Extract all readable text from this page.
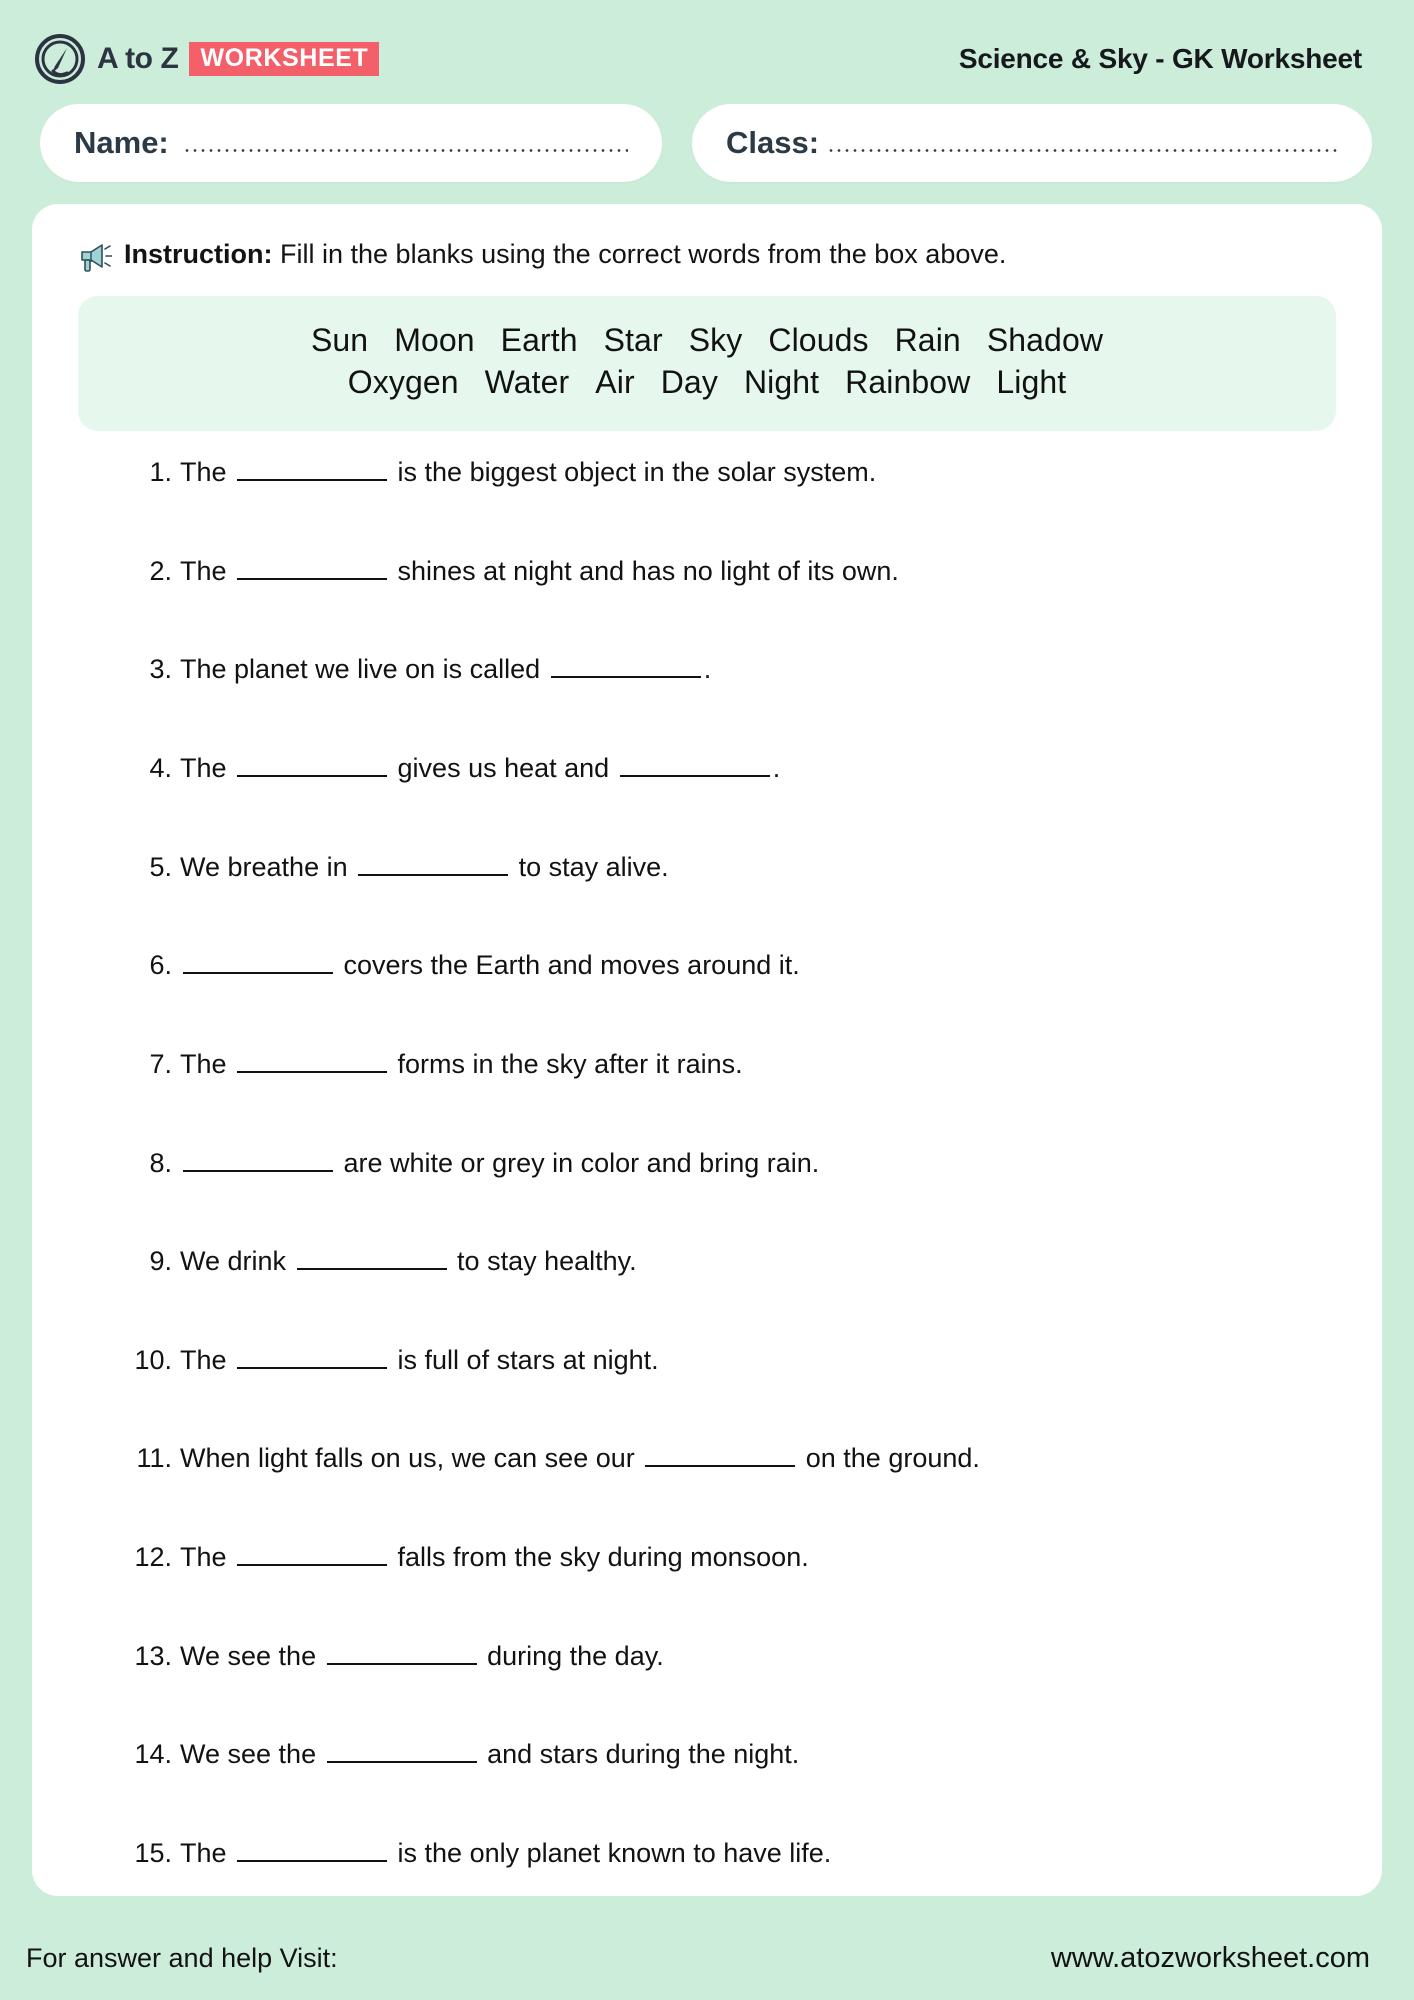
A to Z WORKSHEET	Science & Sky - GK Worksheet
Name:	Class:
Instruction: Fill in the blanks using the correct words from the box above.
Sun Moon Earth Star Sky Clouds Rain Shadow
Oxygen Water Air Day Night Rainbow Light
1. The	is the biggest object in the solar system.
2. The	shines at night and has no light of its own.
3. The planet we live on is called	.
4. The	gives us heat and	.
5. We breathe in	to stay alive.
6.	covers the Earth and moves around it.
7. The	forms in the sky after it rains.
8.	are white or grey in color and bring rain.
9. We drink	to stay healthy.
10. The	is full of stars at night.
11. When light falls on us, we can see our	on the ground.
12. The	falls from the sky during monsoon.
13. We see the	during the day.
14. We see the	and stars during the night.
15. The	is the only planet known to have life.
For answer and help Visit:	www.atozworksheet.com
